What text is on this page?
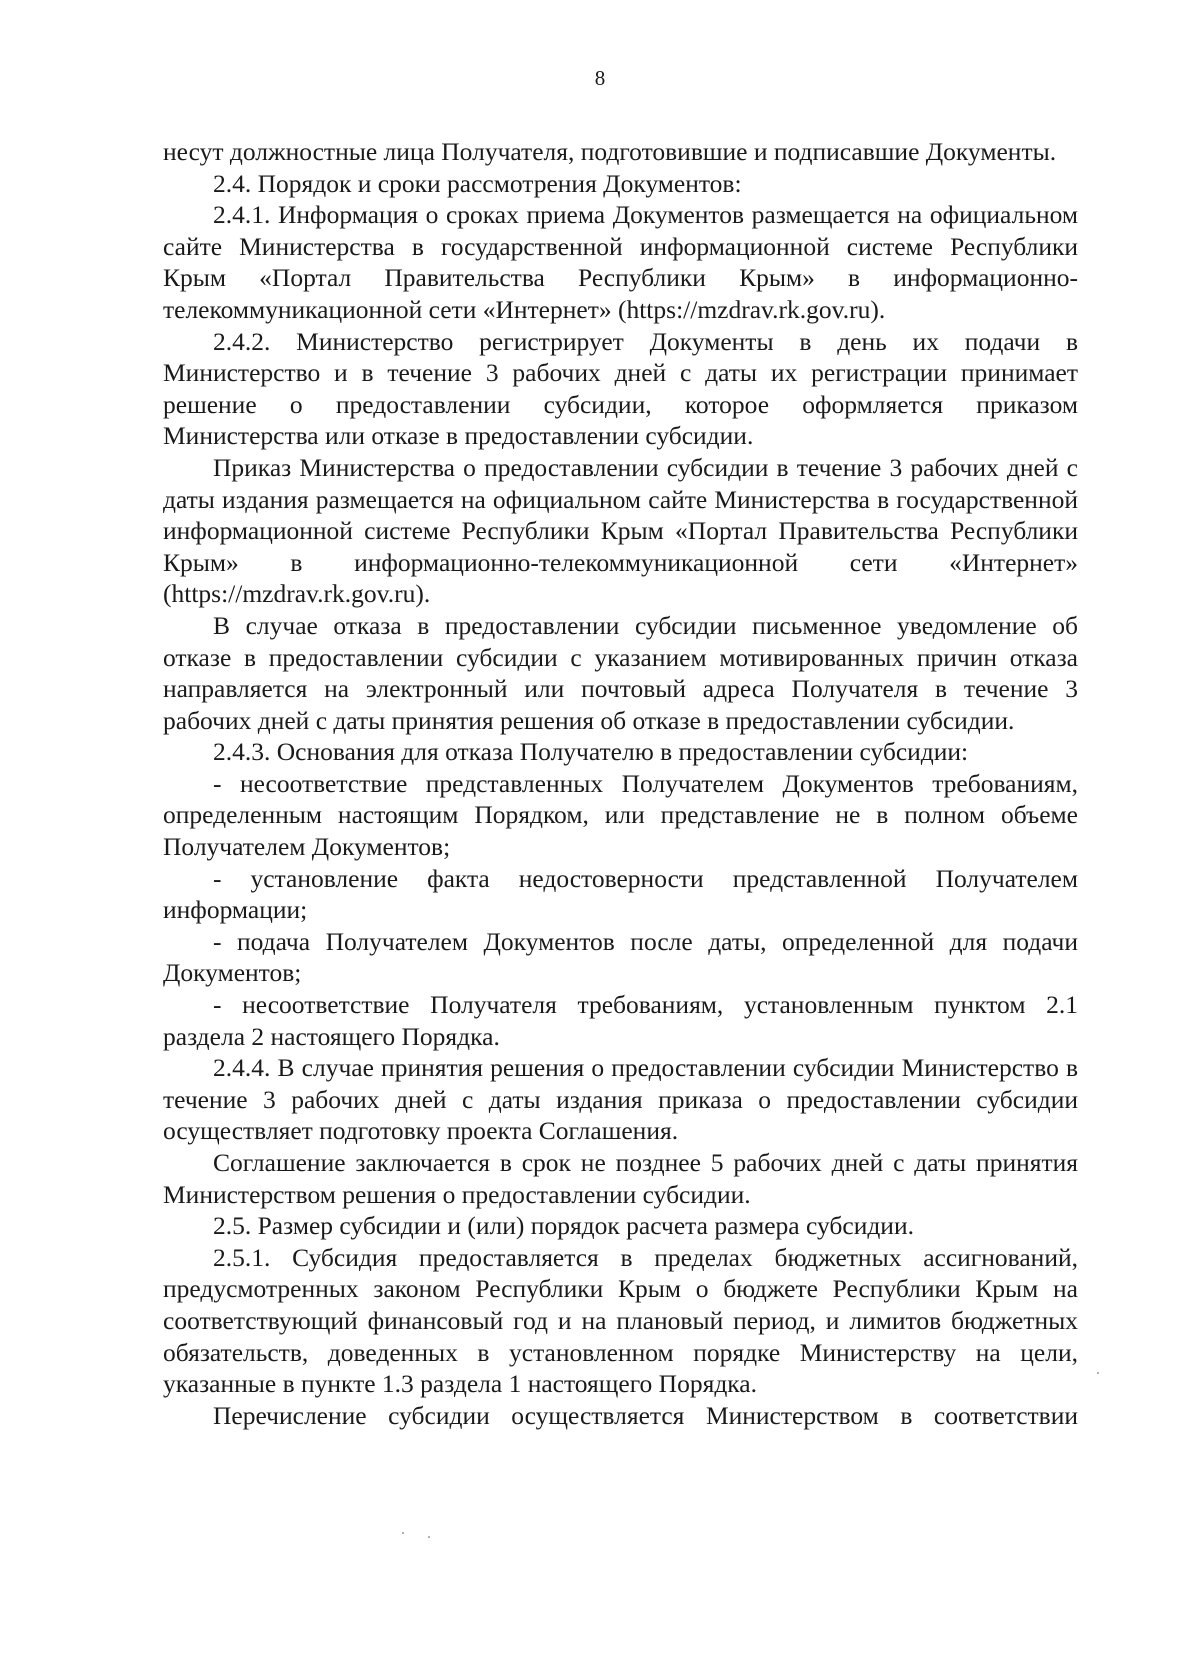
8

несут должностные лица Получателя, подготовившие и подписавшие Документы.

2.4. Порядок и сроки рассмотрения Документов:

2.4.1. Информация о сроках приема Документов размещается на официальном сайте Министерства в государственной информационной системе Республики Крым «Портал Правительства Республики Крым» в информационно-телекоммуникационной сети «Интернет» (https://mzdrav.rk.gov.ru).

2.4.2. Министерство регистрирует Документы в день их подачи в Министерство и в течение 3 рабочих дней с даты их регистрации принимает решение о предоставлении субсидии, которое оформляется приказом Министерства или отказе в предоставлении субсидии.

Приказ Министерства о предоставлении субсидии в течение 3 рабочих дней с даты издания размещается на официальном сайте Министерства в государственной информационной системе Республики Крым «Портал Правительства Республики Крым» в информационно-телекоммуникационной сети «Интернет» (https://mzdrav.rk.gov.ru).

В случае отказа в предоставлении субсидии письменное уведомление об отказе в предоставлении субсидии с указанием мотивированных причин отказа направляется на электронный или почтовый адреса Получателя в течение 3 рабочих дней с даты принятия решения об отказе в предоставлении субсидии.

2.4.3. Основания для отказа Получателю в предоставлении субсидии:

- несоответствие представленных Получателем Документов требованиям, определенным настоящим Порядком, или представление не в полном объеме Получателем Документов;

- установление факта недостоверности представленной Получателем информации;

- подача Получателем Документов после даты, определенной для подачи Документов;

- несоответствие Получателя требованиям, установленным пунктом 2.1 раздела 2 настоящего Порядка.

2.4.4. В случае принятия решения о предоставлении субсидии Министерство в течение 3 рабочих дней с даты издания приказа о предоставлении субсидии осуществляет подготовку проекта Соглашения.

Соглашение заключается в срок не позднее 5 рабочих дней с даты принятия Министерством решения о предоставлении субсидии.

2.5. Размер субсидии и (или) порядок расчета размера субсидии.

2.5.1. Субсидия предоставляется в пределах бюджетных ассигнований, предусмотренных законом Республики Крым о бюджете Республики Крым на соответствующий финансовый год и на плановый период, и лимитов бюджетных обязательств, доведенных в установленном порядке Министерству на цели, указанные в пункте 1.3 раздела 1 настоящего Порядка.

Перечисление субсидии осуществляется Министерством в соответствии
